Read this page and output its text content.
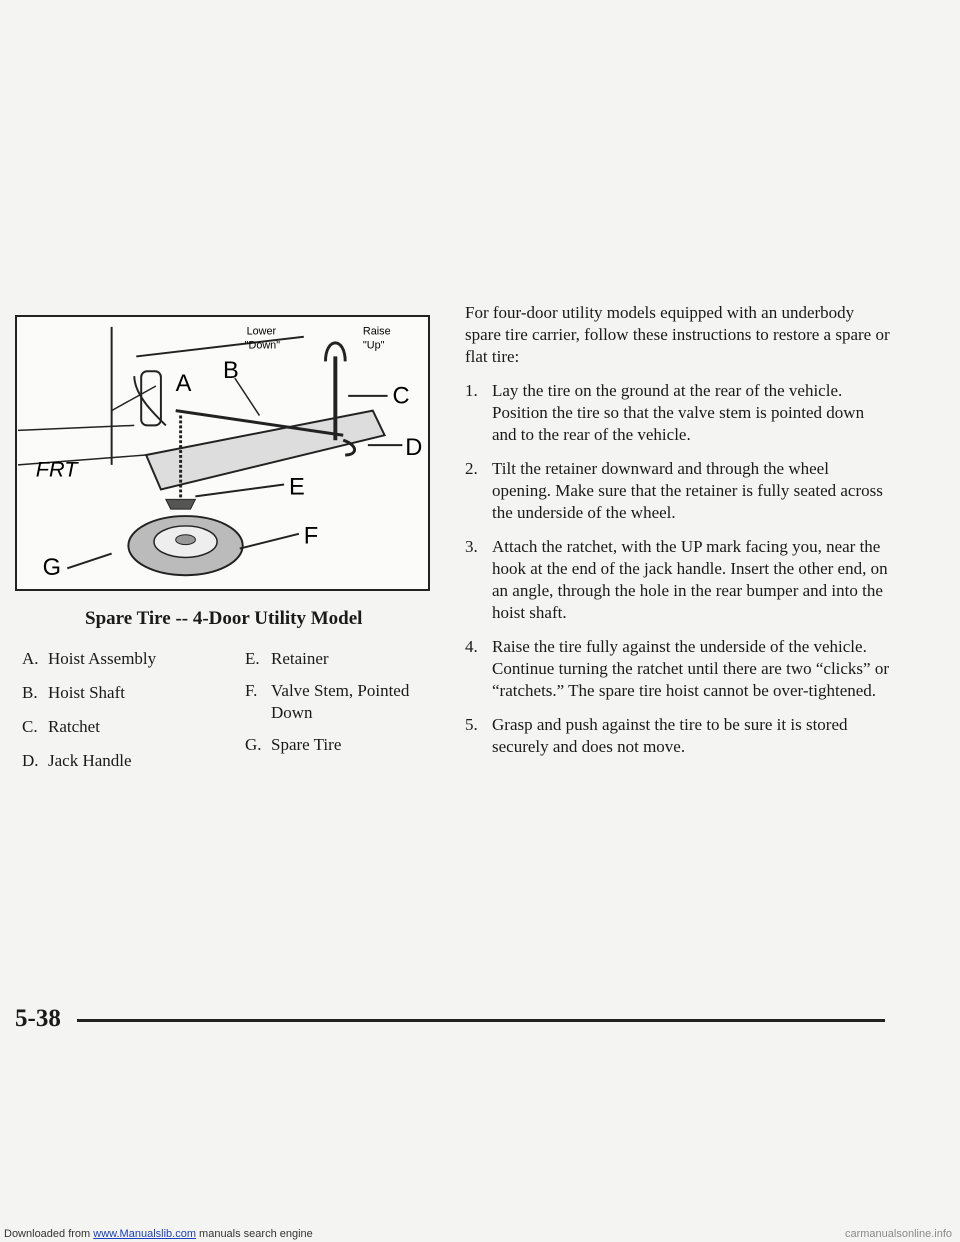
Lower
"Down"
Raise
"Up"
FRT
A B
C
D
E
F
G
Spare Tire -- 4-Door Utility Model
A. Hoist Assembly
B. Hoist Shaft
C. Ratchet
D. Jack Handle
E. Retainer
F. Valve Stem, Pointed Down
G. Spare Tire

For four-door utility models equipped with an underbody spare tire carrier, follow these instructions to restore a spare or flat tire:

1. Lay the tire on the ground at the rear of the vehicle. Position the tire so that the valve stem is pointed down and to the rear of the vehicle.
2. Tilt the retainer downward and through the wheel opening. Make sure that the retainer is fully seated across the underside of the wheel.
3. Attach the ratchet, with the UP mark facing you, near the hook at the end of the jack handle. Insert the other end, on an angle, through the hole in the rear bumper and into the hoist shaft.
4. Raise the tire fully against the underside of the vehicle. Continue turning the ratchet until there are two “clicks” or “ratchets.” The spare tire hoist cannot be over-tightened.
5. Grasp and push against the tire to be sure it is stored securely and does not move.
5-38
Downloaded from www.Manualslib.com manuals search engine	carmanualsonline.info
